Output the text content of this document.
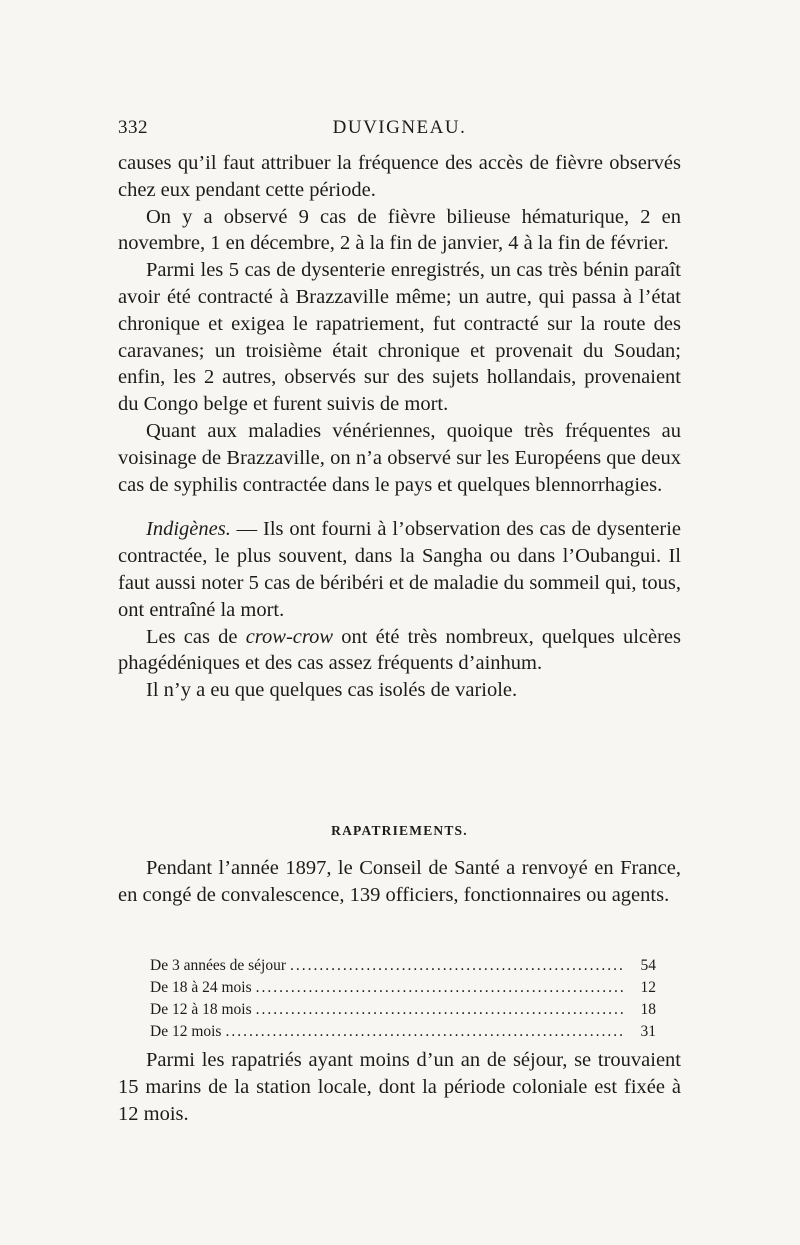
332	DUVIGNEAU.

causes qu’il faut attribuer la fréquence des accès de fièvre observés chez eux pendant cette période.

On y a observé 9 cas de fièvre bilieuse hématurique, 2 en novembre, 1 en décembre, 2 à la fin de janvier, 4 à la fin de février.

Parmi les 5 cas de dysenterie enregistrés, un cas très bénin paraît avoir été contracté à Brazzaville même; un autre, qui passa à l’état chronique et exigea le rapatriement, fut contracté sur la route des caravanes; un troisième était chronique et provenait du Soudan; enfin, les 2 autres, observés sur des sujets hollandais, provenaient du Congo belge et furent suivis de mort.

Quant aux maladies vénériennes, quoique très fréquentes au voisinage de Brazzaville, on n’a observé sur les Européens que deux cas de syphilis contractée dans le pays et quelques blennorrhagies.

Indigènes. — Ils ont fourni à l’observation des cas de dysenterie contractée, le plus souvent, dans la Sangha ou dans l’Oubangui. Il faut aussi noter 5 cas de béribéri et de maladie du sommeil qui, tous, ont entraîné la mort.

Les cas de crow-crow ont été très nombreux, quelques ulcères phagédéniques et des cas assez fréquents d’ainhum.

Il n’y a eu que quelques cas isolés de variole.

RAPATRIEMENTS.

Pendant l’année 1897, le Conseil de Santé a renvoyé en France, en congé de convalescence, 139 officiers, fonctionnaires ou agents.

De 3 années de séjour .....	54
De 18 à 24 mois .....	12
De 12 à 18 mois .....	18
De 12 mois .....	31

Parmi les rapatriés ayant moins d’un an de séjour, se trouvaient 15 marins de la station locale, dont la période coloniale est fixée à 12 mois.
